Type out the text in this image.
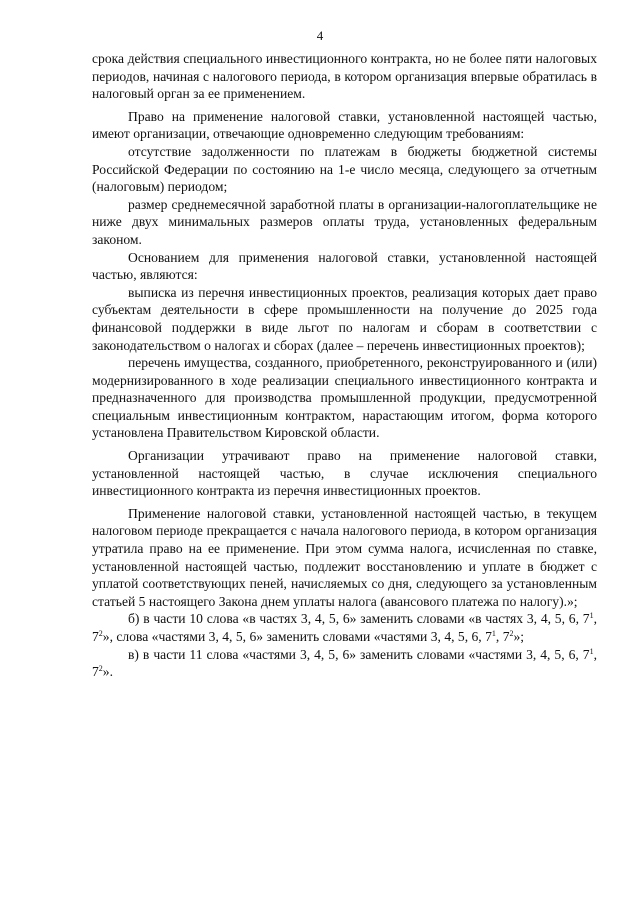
4

срока действия специального инвестиционного контракта, но не более пяти налоговых периодов, начиная с налогового периода, в котором организация впервые обратилась в налоговый орган за ее применением.

Право на применение налоговой ставки, установленной настоящей частью, имеют организации, отвечающие одновременно следующим требованиям:

отсутствие задолженности по платежам в бюджеты бюджетной системы Российской Федерации по состоянию на 1-е число месяца, следующего за отчетным (налоговым) периодом;

размер среднемесячной заработной платы в организации-налогоплательщике не ниже двух минимальных размеров оплаты труда, установленных федеральным законом.

Основанием для применения налоговой ставки, установленной настоящей частью, являются:

выписка из перечня инвестиционных проектов, реализация которых дает право субъектам деятельности в сфере промышленности на получение до 2025 года финансовой поддержки в виде льгот по налогам и сборам в соответствии с законодательством о налогах и сборах (далее – перечень инвестиционных проектов);

перечень имущества, созданного, приобретенного, реконструированного и (или) модернизированного в ходе реализации специального инвестиционного контракта и предназначенного для производства промышленной продукции, предусмотренной специальным инвестиционным контрактом, нарастающим итогом, форма которого установлена Правительством Кировской области.

Организации утрачивают право на применение налоговой ставки, установленной настоящей частью, в случае исключения специального инвестиционного контракта из перечня инвестиционных проектов.

Применение налоговой ставки, установленной настоящей частью, в текущем налоговом периоде прекращается с начала налогового периода, в котором организация утратила право на ее применение. При этом сумма налога, исчисленная по ставке, установленной настоящей частью, подлежит восстановлению и уплате в бюджет с уплатой соответствующих пеней, начисляемых со дня, следующего за установленным статьей 5 настоящего Закона днем уплаты налога (авансового платежа по налогу).»;

б) в части 10 слова «в частях 3, 4, 5, 6» заменить словами «в частях 3, 4, 5, 6, $7^1$, $7^2$», слова «частями 3, 4, 5, 6» заменить словами «частями 3, 4, 5, 6, $7^1$, $7^2$»;

в) в части 11 слова «частями 3, 4, 5, 6» заменить словами «частями 3, 4, 5, 6, $7^1$, $7^2$».
